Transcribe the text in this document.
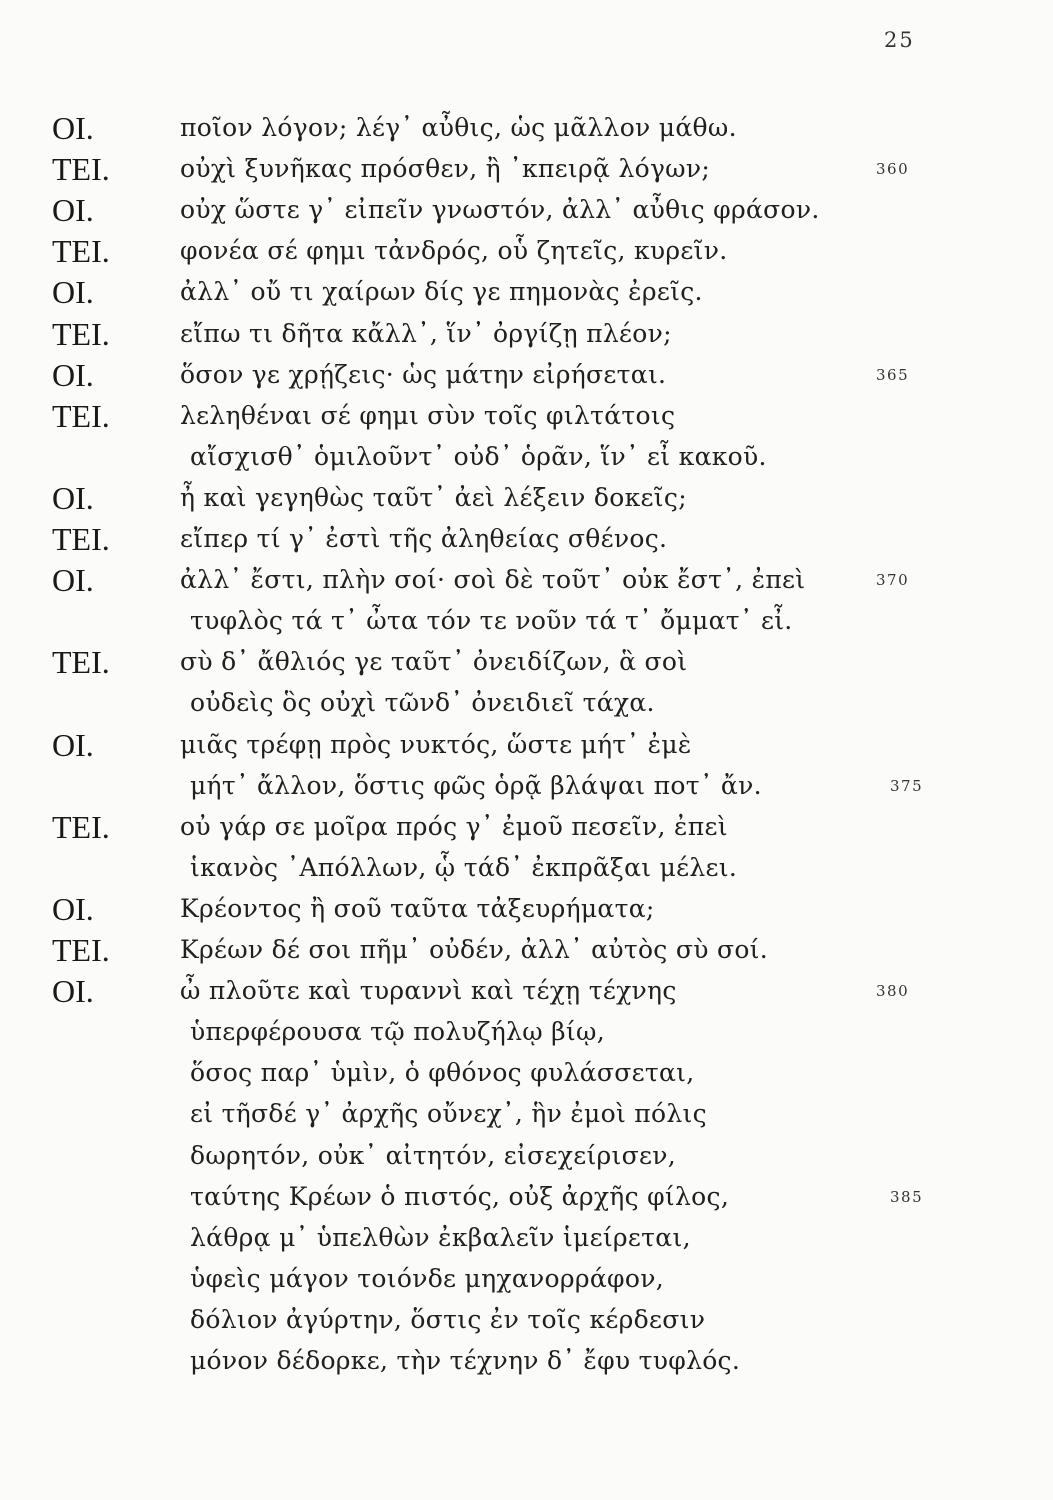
25
OI.	ποῖον λόγον; λέγ᾽ αὖθις, ὡς μᾶλλον μάθω.
TEI.	οὐχὶ ξυνῆκας πρόσθεν, ἢ ᾽κπειρᾷ λόγων;	360
OI.	οὐχ ὥστε γ᾽ εἰπεῖν γνωστόν, ἀλλ᾽ αὖθις φράσον.
TEI.	φονέα σέ φημι τἀνδρός, οὗ ζητεῖς, κυρεῖν.
OI.	ἀλλ᾽ οὔ τι χαίρων δίς γε πημονὰς ἐρεῖς.
TEI.	εἴπω τι δῆτα κἄλλ᾽, ἵν᾽ ὀργίζῃ πλέον;
OI.	ὅσον γε χρῄζεις· ὡς μάτην εἰρήσεται.	365
TEI.	λεληθέναι σέ φημι σὺν τοῖς φιλτάτοις
αἴσχισθ᾽ ὁμιλοῦντ᾽ οὐδ᾽ ὁρᾶν, ἵν᾽ εἶ κακοῦ.
OI.	ἦ καὶ γεγηθὼς ταῦτ᾽ ἀεὶ λέξειν δοκεῖς;
TEI.	εἴπερ τί γ᾽ ἐστὶ τῆς ἀληθείας σθένος.
OI.	ἀλλ᾽ ἔστι, πλὴν σοί· σοὶ δὲ τοῦτ᾽ οὐκ ἔστ᾽, ἐπεὶ	370
τυφλὸς τά τ᾽ ὦτα τόν τε νοῦν τά τ᾽ ὄμματ᾽ εἶ.
TEI.	σὺ δ᾽ ἄθλιός γε ταῦτ᾽ ὀνειδίζων, ἃ σοὶ
οὐδεὶς ὃς οὐχὶ τῶνδ᾽ ὀνειδιεῖ τάχα.
OI.	μιᾶς τρέφῃ πρὸς νυκτός, ὥστε μήτ᾽ ἐμὲ
μήτ᾽ ἄλλον, ὅστις φῶς ὁρᾷ βλάψαι ποτ᾽ ἄν.	375
TEI.	οὐ γάρ σε μοῖρα πρός γ᾽ ἐμοῦ πεσεῖν, ἐπεὶ
ἱκανὸς ᾽Απόλλων, ᾧ τάδ᾽ ἐκπρᾶξαι μέλει.
OI.	Κρέοντος ἢ σοῦ ταῦτα τἀξευρήματα;
TEI.	Κρέων δέ σοι πῆμ᾽ οὐδέν, ἀλλ᾽ αὐτὸς σὺ σοί.
OI.	ὦ πλοῦτε καὶ τυραννὶ καὶ τέχῃ τέχνης	380
ὑπερφέρουσα τῷ πολυζήλῳ βίῳ,
ὅσος παρ᾽ ὑμὶν, ὁ φθόνος φυλάσσεται,
εἰ τῆσδέ γ᾽ ἀρχῆς οὔνεχ᾽, ἣν ἐμοὶ πόλις
δωρητόν, οὐκ᾽ αἰτητόν, εἰσεχείρισεν,
ταύτης Κρέων ὁ πιστός, οὐξ ἀρχῆς φίλος,	385
λάθρᾳ μ᾽ ὑπελθὼν ἐκβαλεῖν ἱμείρεται,
ὑφεὶς μάγον τοιόνδε μηχανορράφον,
δόλιον ἀγύρτην, ὅστις ἐν τοῖς κέρδεσιν
μόνον δέδορκε, τὴν τέχνην δ᾽ ἔφυ τυφλός.
